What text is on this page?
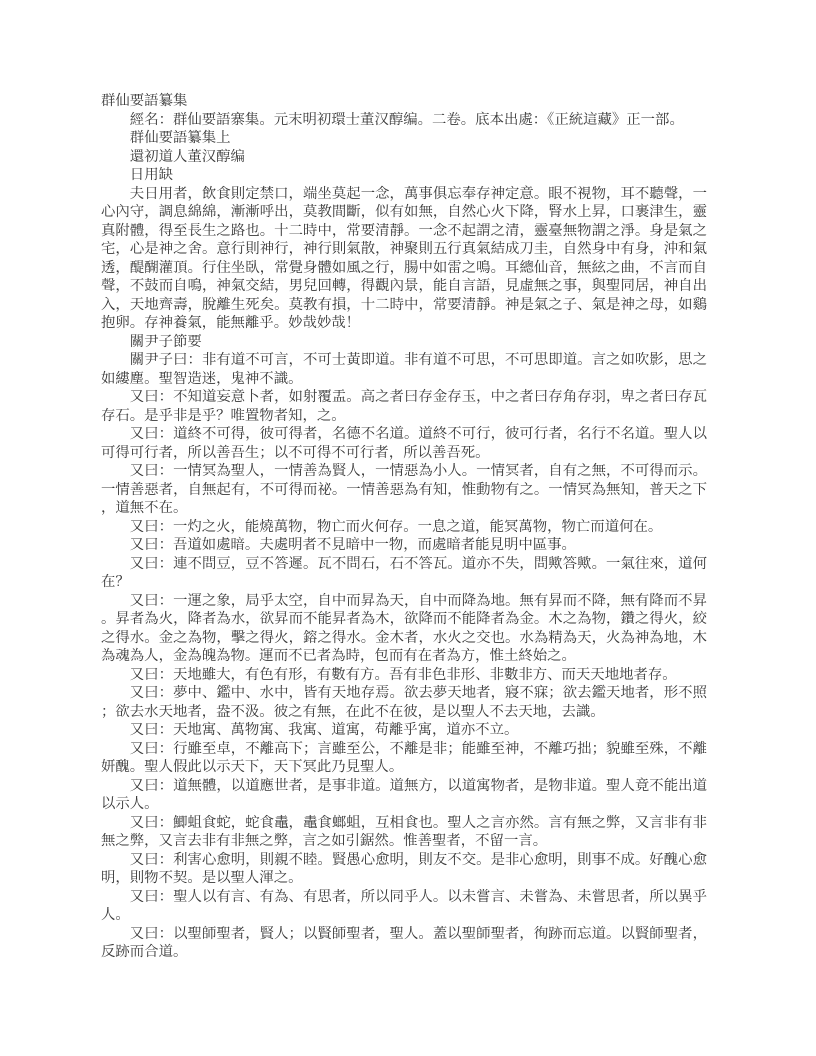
群仙要語纂集

經名：群仙要語寨集。元末明初環士董汉醇编。二卷。底本出處：《正統這藏》正一部。

群仙要語纂集上

還初道人董汉醇编

日用缺

夫日用者，飲食則定禁口，端坐莫起一念，萬事俱忘奉存神定意。眼不視物，耳不聽聲，一心內守，調息綿綿，漸漸呼出，莫教間斷，似有如無，自然心火下降，腎水上昇，口裹津生，靈真附體，得至長生之路也。十二時中，常要清靜。一念不起謂之清，靈臺無物謂之淨。身是氣之宅，心是神之舍。意行則神行，神行則氣散，神聚則五行真氣結成刀圭，自然身中有身，沖和氣透，醍醐灌頂。行住坐臥，常覺身體如風之行，腸中如雷之鳴。耳總仙音，無絃之曲，不言而自聲，不鼓而自鳴，神氣交結，男兒回轉，得觀內景，能自言語，見虛無之事，與聖同居，神自出入，天地齊壽，脫離生死矣。莫教有損，十二時中，常要清靜。神是氣之子、氣是神之母，如鷄抱卵。存神養氣，能無離乎。妙哉妙哉！

關尹子節要

關尹子曰：非有道不可言，不可士黃即道。非有道不可思，不可思即道。言之如吹影，思之如縷塵。聖智造迷，鬼神不識。

又曰：不知道妄意卜者，如射覆盂。高之者曰存金存玉，中之者曰存角存羽，卑之者曰存瓦存石。是乎非是乎？唯置物者知，之。

又曰：道終不可得，彼可得者，名德不名道。道終不可行，彼可行者，名行不名道。聖人以可得可行者，所以善吾生；以不可得不可行者，所以善吾死。

又曰：一情冥為聖人，一情善為賢人，一情惡為小人。一情冥者，自有之無，不可得而示。一情善惡者，自無起有，不可得而祕。一情善惡為有知，惟動物有之。一情冥為無知，普天之下，道無不在。

又曰：一灼之火，能燒萬物，物亡而火何存。一息之道，能冥萬物，物亡而道何在。

又曰：吾道如處暗。夫處明者不見暗中一物，而處暗者能見明中區事。

又曰：連不問豆，豆不答遲。瓦不問石，石不答瓦。道亦不失，問歟答歟。一氣往來，道何在？

又曰：一運之象，局乎太空，自中而昇為天，自中而降為地。無有昇而不降，無有降而不昇。昇者為火，降者為水，欲昇而不能昇者為木，欲降而不能降者為金。木之為物，鑽之得火，絞之得水。金之為物，擊之得火，鎔之得水。金木者，水火之交也。水為精為天，火為神為地，木為魂為人，金為魄為物。運而不已者為時，包而有在者為方，惟土終始之。

又曰：天地雖大，有色有形，有數有方。吾有非色非形、非數非方、而天天地地者存。

又曰：夢中、鑑中、水中，皆有天地存焉。欲去夢天地者，寢不寐；欲去鑑天地者，形不照；欲去水天地者，盎不汲。彼之有無，在此不在彼，是以聖人不去天地，去識。

又曰：天地寓、萬物寓、我寓、道寓，苟離乎寓，道亦不立。

又曰：行雖至卓，不離高下；言雖至公，不離是非；能雖至神，不離巧拙；貌雖至殊，不離妍醜。聖人假此以示天下，天下冥此乃見聖人。

又曰：道無體，以道應世者，是事非道。道無方，以道寓物者，是物非道。聖人竟不能出道以示人。

又曰：鯽蛆食蛇，蛇食鼃，鼃食螂蛆，互相食也。聖人之言亦然。言有無之弊，又言非有非無之弊，又言去非有非無之弊，言之如引鋸然。惟善聖者，不留一言。

又曰：利害心愈明，則親不睦。賢愚心愈明，則友不交。是非心愈明，則事不成。好醜心愈明，則物不契。是以聖人渾之。

又曰：聖人以有言、有為、有思者，所以同乎人。以未嘗言、未嘗為、未嘗思者，所以異乎人。

又曰：以聖師聖者，賢人；以賢師聖者，聖人。蓋以聖師聖者，徇跡而忘道。以賢師聖者，反跡而合道。
